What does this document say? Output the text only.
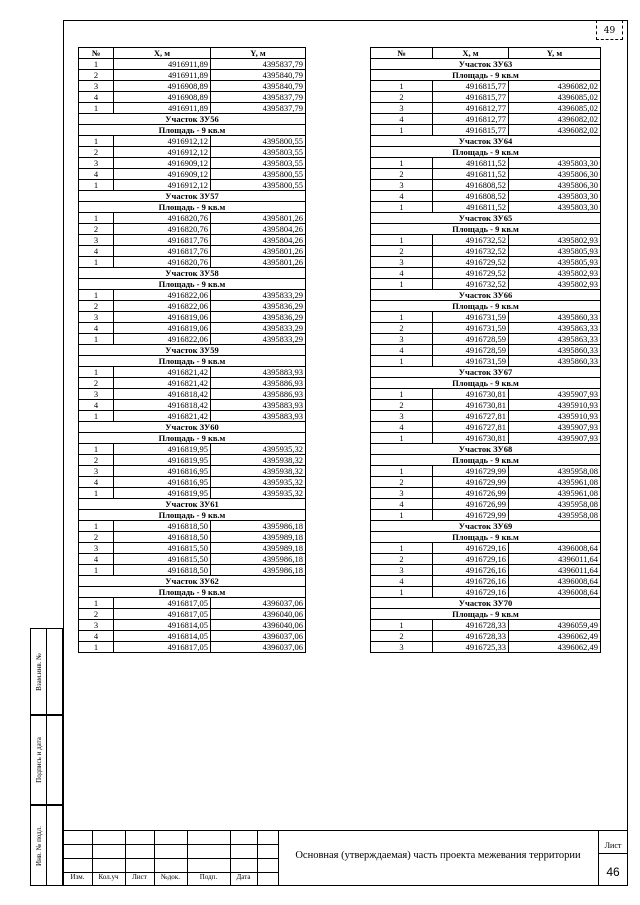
49
№	X, м	Y, м
1	4916911,89	4395837,79
2	4916911,89	4395840,79
3	4916908,89	4395840,79
4	4916908,89	4395837,79
1	4916911,89	4395837,79
Участок ЗУ56		
Площадь - 9 кв.м		
1	4916912,12	4395800,55
2	4916912,12	4395803,55
3	4916909,12	4395803,55
4	4916909,12	4395800,55
1	4916912,12	4395800,55
Участок ЗУ57		
Площадь - 9 кв.м		
1	4916820,76	4395801,26
2	4916820,76	4395804,26
3	4916817,76	4395804,26
4	4916817,76	4395801,26
1	4916820,76	4395801,26
Участок ЗУ58		
Площадь - 9 кв.м		
1	4916822,06	4395833,29
2	4916822,06	4395836,29
3	4916819,06	4395836,29
4	4916819,06	4395833,29
1	4916822,06	4395833,29
Участок ЗУ59		
Площадь - 9 кв.м		
1	4916821,42	4395883,93
2	4916821,42	4395886,93
3	4916818,42	4395886,93
4	4916818,42	4395883,93
1	4916821,42	4395883,93
Участок ЗУ60		
Площадь - 9 кв.м		
1	4916819,95	4395935,32
2	4916819,95	4395938,32
3	4916816,95	4395938,32
4	4916816,95	4395935,32
1	4916819,95	4395935,32
Участок ЗУ61		
Площадь - 9 кв.м		
1	4916818,50	4395986,18
2	4916818,50	4395989,18
3	4916815,50	4395989,18
4	4916815,50	4395986,18
1	4916818,50	4395986,18
Участок ЗУ62		
Площадь - 9 кв.м		
1	4916817,05	4396037,06
2	4916817,05	4396040,06
3	4916814,05	4396040,06
4	4916814,05	4396037,06
1	4916817,05	4396037,06
№	X, м	Y, м
Участок ЗУ63		
Площадь - 9 кв.м		
1	4916815,77	4396082,02
2	4916815,77	4396085,02
3	4916812,77	4396085,02
4	4916812,77	4396082,02
1	4916815,77	4396082,02
Участок ЗУ64		
Площадь - 9 кв.м		
1	4916811,52	4395803,30
2	4916811,52	4395806,30
3	4916808,52	4395806,30
4	4916808,52	4395803,30
1	4916811,52	4395803,30
Участок ЗУ65		
Площадь - 9 кв.м		
1	4916732,52	4395802,93
2	4916732,52	4395805,93
3	4916729,52	4395805,93
4	4916729,52	4395802,93
1	4916732,52	4395802,93
Участок ЗУ66		
Площадь - 9 кв.м		
1	4916731,59	4395860,33
2	4916731,59	4395863,33
3	4916728,59	4395863,33
4	4916728,59	4395860,33
1	4916731,59	4395860,33
Участок ЗУ67		
Площадь - 9 кв.м		
1	4916730,81	4395907,93
2	4916730,81	4395910,93
3	4916727,81	4395910,93
4	4916727,81	4395907,93
1	4916730,81	4395907,93
Участок ЗУ68		
Площадь - 9 кв.м		
1	4916729,99	4395958,08
2	4916729,99	4395961,08
3	4916726,99	4395961,08
4	4916726,99	4395958,08
1	4916729,99	4395958,08
Участок ЗУ69		
Площадь - 9 кв.м		
1	4916729,16	4396008,64
2	4916729,16	4396011,64
3	4916726,16	4396011,64
4	4916726,16	4396008,64
1	4916729,16	4396008,64
Участок ЗУ70		
Площадь - 9 кв.м		
1	4916728,33	4396059,49
2	4916728,33	4396062,49
3	4916725,33	4396062,49
Взам.инв. №
Подпись и дата
Инв. № подл.
Изм.	Кол.уч	Лист	№док.	Подп.	Дата
Основная (утверждаемая) часть проекта межевания территории
Лист
46
